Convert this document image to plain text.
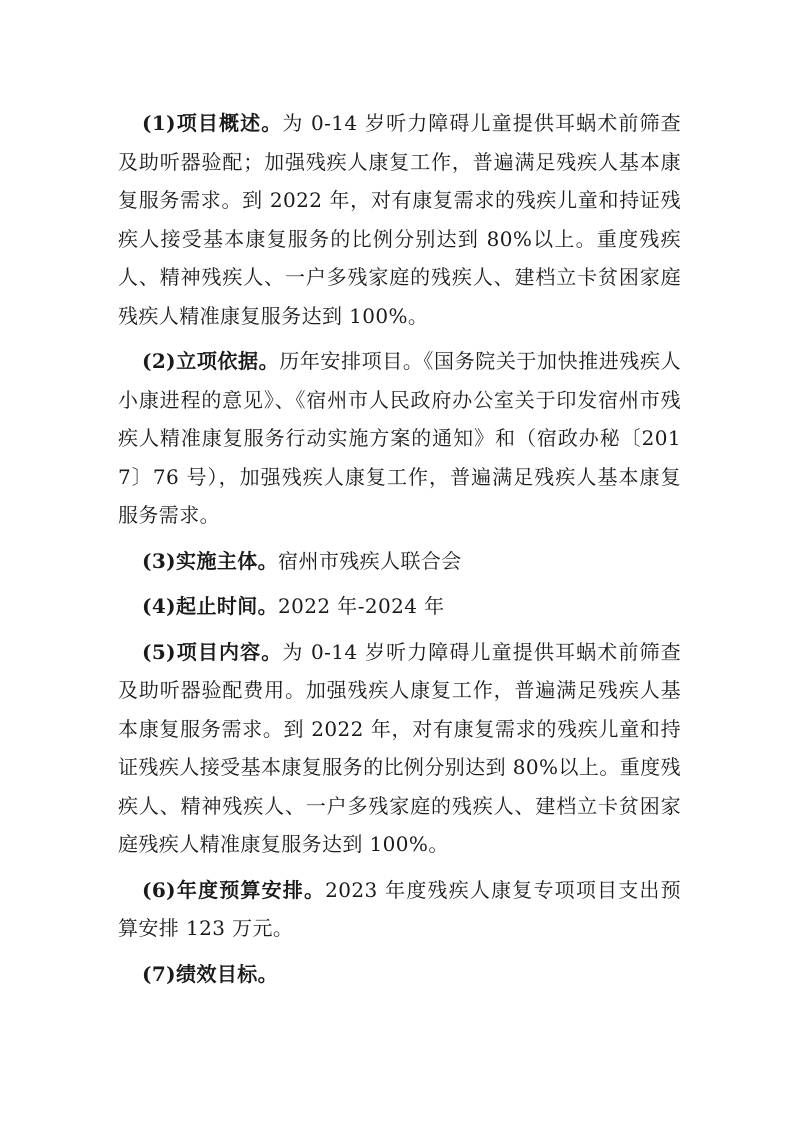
(1)项目概述。为 0-14 岁听力障碍儿童提供耳蜗术前筛查及助听器验配；加强残疾人康复工作，普遍满足残疾人基本康复服务需求。到 2022 年，对有康复需求的残疾儿童和持证残疾人接受基本康复服务的比例分别达到 80%以上。重度残疾人、精神残疾人、一户多残家庭的残疾人、建档立卡贫困家庭残疾人精准康复服务达到 100%。

(2)立项依据。历年安排项目。《国务院关于加快推进残疾人小康进程的意见》、《宿州市人民政府办公室关于印发宿州市残疾人精准康复服务行动实施方案的通知》和（宿政办秘〔2017〕76 号），加强残疾人康复工作，普遍满足残疾人基本康复服务需求。

(3)实施主体。宿州市残疾人联合会

(4)起止时间。2022 年-2024 年

(5)项目内容。为 0-14 岁听力障碍儿童提供耳蜗术前筛查及助听器验配费用。加强残疾人康复工作，普遍满足残疾人基本康复服务需求。到 2022 年，对有康复需求的残疾儿童和持证残疾人接受基本康复服务的比例分别达到 80%以上。重度残疾人、精神残疾人、一户多残家庭的残疾人、建档立卡贫困家庭残疾人精准康复服务达到 100%。

(6)年度预算安排。2023 年度残疾人康复专项项目支出预算安排 123 万元。

(7)绩效目标。
